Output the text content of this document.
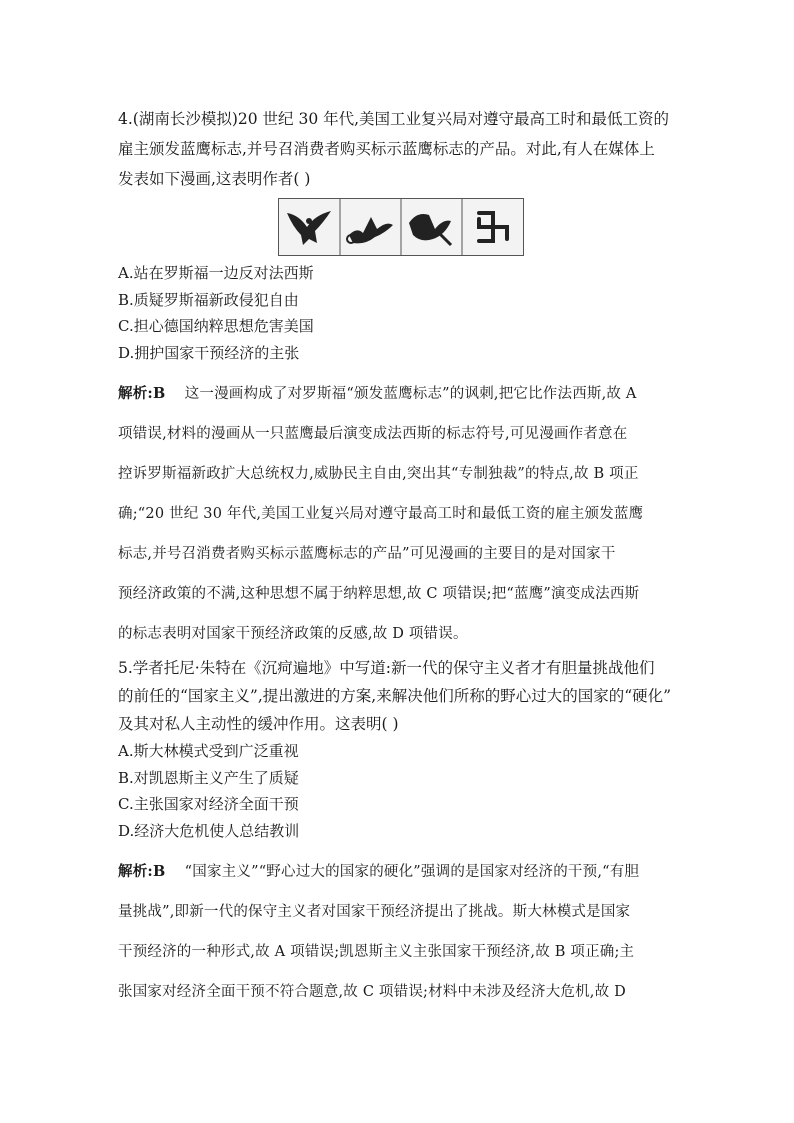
4.(湖南长沙模拟)20 世纪 30 年代,美国工业复兴局对遵守最高工时和最低工资的
雇主颁发蓝鹰标志,并号召消费者购买标示蓝鹰标志的产品。对此,有人在媒体上
发表如下漫画,这表明作者( )
A.站在罗斯福一边反对法西斯
B.质疑罗斯福新政侵犯自由
C.担心德国纳粹思想危害美国
D.拥护国家干预经济的主张
解析:B 这一漫画构成了对罗斯福“颁发蓝鹰标志”的讽刺,把它比作法西斯,故 A
项错误,材料的漫画从一只蓝鹰最后演变成法西斯的标志符号,可见漫画作者意在
控诉罗斯福新政扩大总统权力,威胁民主自由,突出其“专制独裁”的特点,故 B 项正
确;“20 世纪 30 年代,美国工业复兴局对遵守最高工时和最低工资的雇主颁发蓝鹰
标志,并号召消费者购买标示蓝鹰标志的产品”可见漫画的主要目的是对国家干
预经济政策的不满,这种思想不属于纳粹思想,故 C 项错误;把“蓝鹰”演变成法西斯
的标志表明对国家干预经济政策的反感,故 D 项错误。
5.学者托尼·朱特在《沉疴遍地》中写道:新一代的保守主义者才有胆量挑战他们
的前任的“国家主义”,提出激进的方案,来解决他们所称的野心过大的国家的“硬化”
及其对私人主动性的缓冲作用。这表明( )
A.斯大林模式受到广泛重视
B.对凯恩斯主义产生了质疑
C.主张国家对经济全面干预
D.经济大危机使人总结教训
解析:B “国家主义”“野心过大的国家的硬化”强调的是国家对经济的干预,“有胆
量挑战”,即新一代的保守主义者对国家干预经济提出了挑战。斯大林模式是国家
干预经济的一种形式,故 A 项错误;凯恩斯主义主张国家干预经济,故 B 项正确;主
张国家对经济全面干预不符合题意,故 C 项错误;材料中未涉及经济大危机,故 D
